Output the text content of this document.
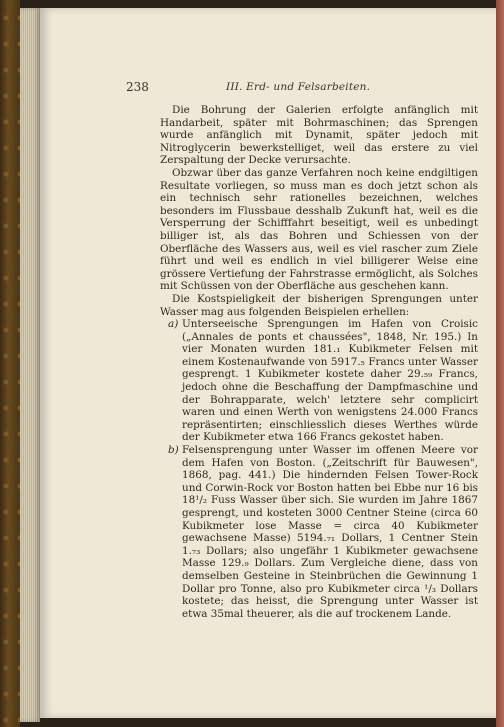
238	III. Erd- und Felsarbeiten.

Die Bohrung der Galerien erfolgte anfänglich mit Handarbeit, später mit Bohrmaschinen; das Sprengen wurde anfänglich mit Dynamit, später jedoch mit Nitroglycerin bewerkstelliget, weil das erstere zu viel Zerspaltung der Decke verursachte.

Obzwar über das ganze Verfahren noch keine endgiltigen Resultate vorliegen, so muss man es doch jetzt schon als ein technisch sehr rationelles bezeichnen, welches besonders im Flussbaue desshalb Zukunft hat, weil es die Versperrung der Schifffahrt beseitigt, weil es unbedingt billiger ist, als das Bohren und Schiessen von der Oberfläche des Wassers aus, weil es viel rascher zum Ziele führt und weil es endlich in viel billigerer Weise eine grössere Vertiefung der Fahrstrasse ermöglicht, als Solches mit Schüssen von der Oberfläche aus geschehen kann.

Die Kostspieligkeit der bisherigen Sprengungen unter Wasser mag aus folgenden Beispielen erhellen:

a) Unterseeische Sprengungen im Hafen von Croisic („Annales de ponts et chaussées", 1848, Nr. 195.) In vier Monaten wurden 181.₁ Kubikmeter Felsen mit einem Kostenaufwande von 5917.₅ Francs unter Wasser gesprengt. 1 Kubikmeter kostete daher 29.₅₉ Francs, jedoch ohne die Beschaffung der Dampfmaschine und der Bohrapparate, welch' letztere sehr complicirt waren und einen Werth von wenigstens 24.000 Francs repräsentirten; einschliesslich dieses Werthes würde der Kubikmeter etwa 166 Francs gekostet haben.

b) Felsensprengung unter Wasser im offenen Meere vor dem Hafen von Boston. („Zeitschrift für Bauwesen", 1868, pag. 441.) Die hindernden Felsen Tower-Rock und Corwin-Rock vor Boston hatten bei Ebbe nur 16 bis 18¹/₂ Fuss Wasser über sich. Sie wurden im Jahre 1867 gesprengt, und kosteten 3000 Centner Steine (circa 60 Kubikmeter lose Masse = circa 40 Kubikmeter gewachsene Masse) 5194.₇₁ Dollars, 1 Centner Stein 1.₇₃ Dollars; also ungefähr 1 Kubikmeter gewachsene Masse 129.₉ Dollars. Zum Vergleiche diene, dass von demselben Gesteine in Steinbrüchen die Gewinnung 1 Dollar pro Tonne, also pro Kubikmeter circa ¹/₃ Dollars kostete; das heisst, die Sprengung unter Wasser ist etwa 35mal theuerer, als die auf trockenem Lande.
